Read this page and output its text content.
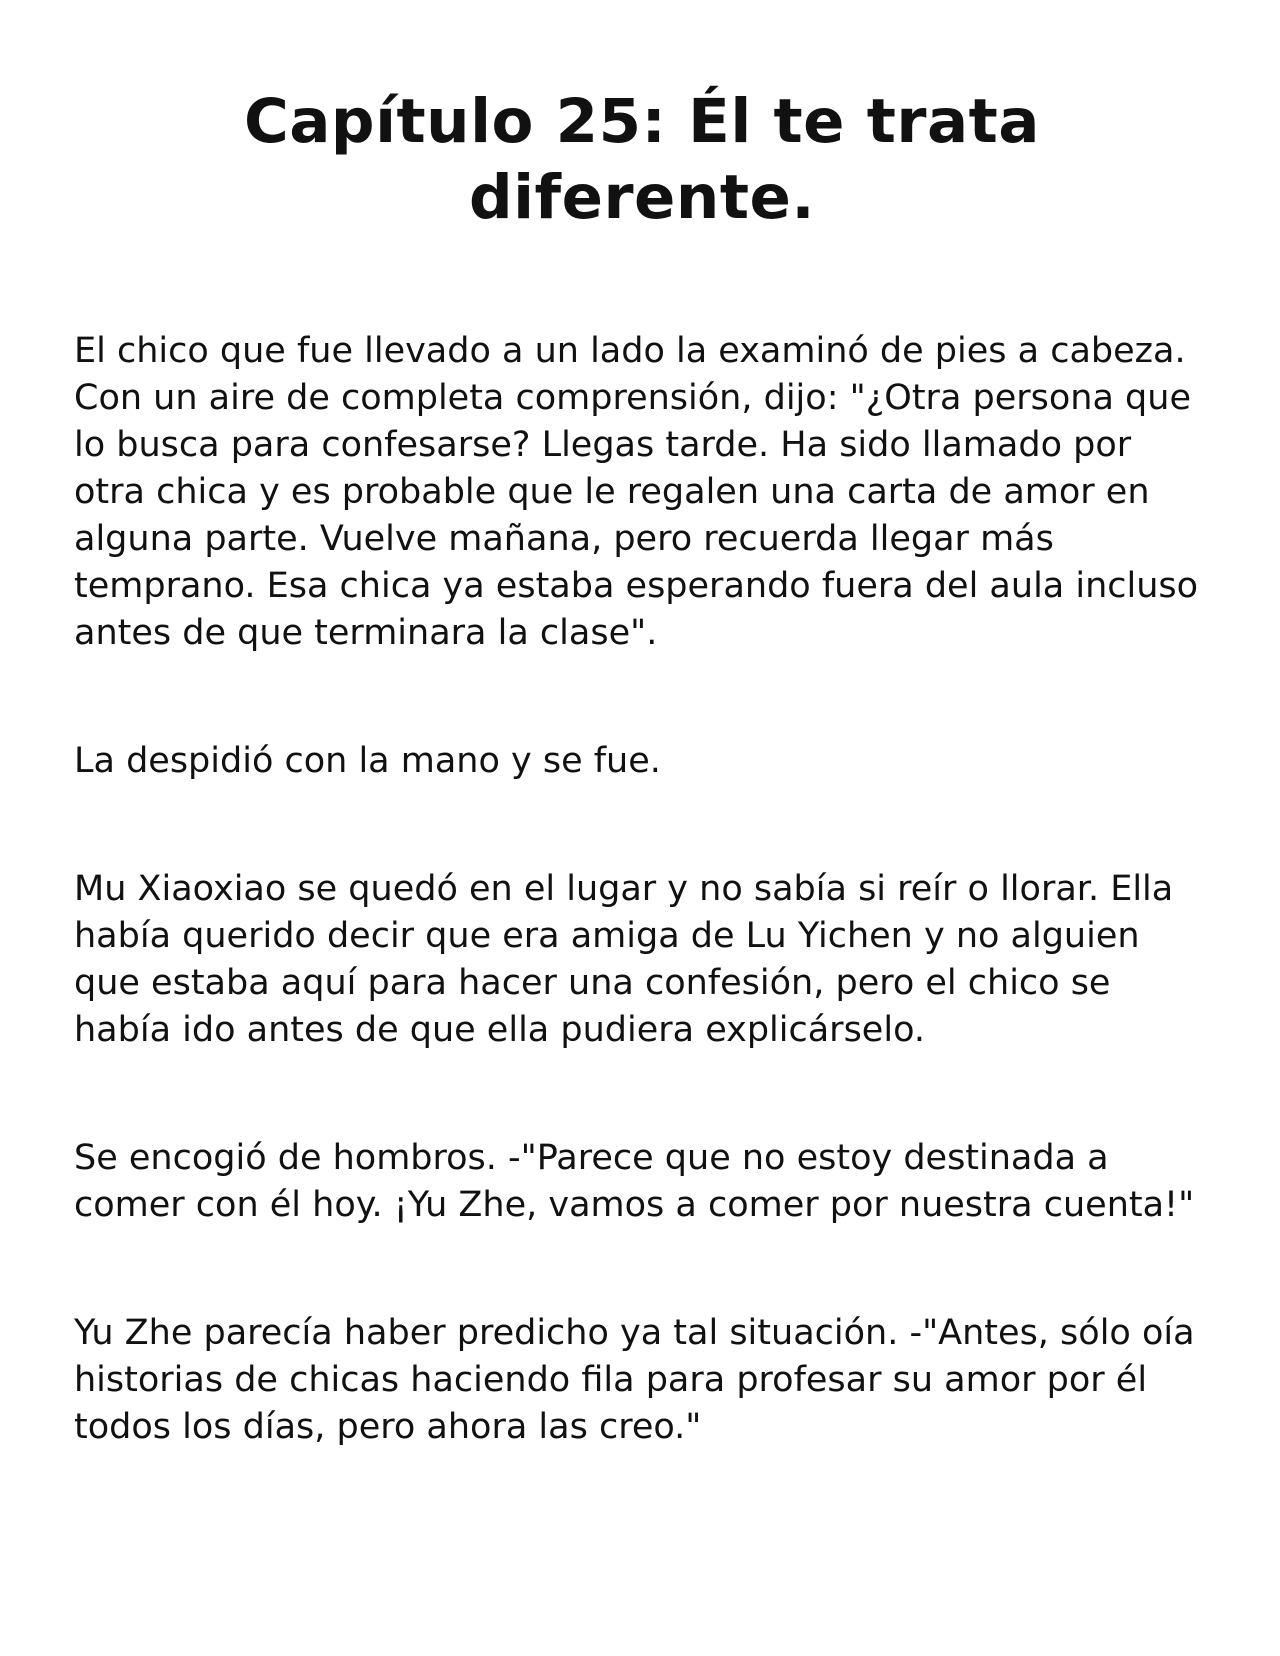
Capítulo 25: Él te trata diferente.

El chico que fue llevado a un lado la examinó de pies a cabeza. Con un aire de completa comprensión, dijo: "¿Otra persona que lo busca para confesarse? Llegas tarde. Ha sido llamado por otra chica y es probable que le regalen una carta de amor en alguna parte. Vuelve mañana, pero recuerda llegar más temprano. Esa chica ya estaba esperando fuera del aula incluso antes de que terminara la clase".

La despidió con la mano y se fue.

Mu Xiaoxiao se quedó en el lugar y no sabía si reír o llorar. Ella había querido decir que era amiga de Lu Yichen y no alguien que estaba aquí para hacer una confesión, pero el chico se había ido antes de que ella pudiera explicárselo.

Se encogió de hombros. -"Parece que no estoy destinada a comer con él hoy. ¡Yu Zhe, vamos a comer por nuestra cuenta!"

Yu Zhe parecía haber predicho ya tal situación. -"Antes, sólo oía historias de chicas haciendo fila para profesar su amor por él todos los días, pero ahora las creo."
